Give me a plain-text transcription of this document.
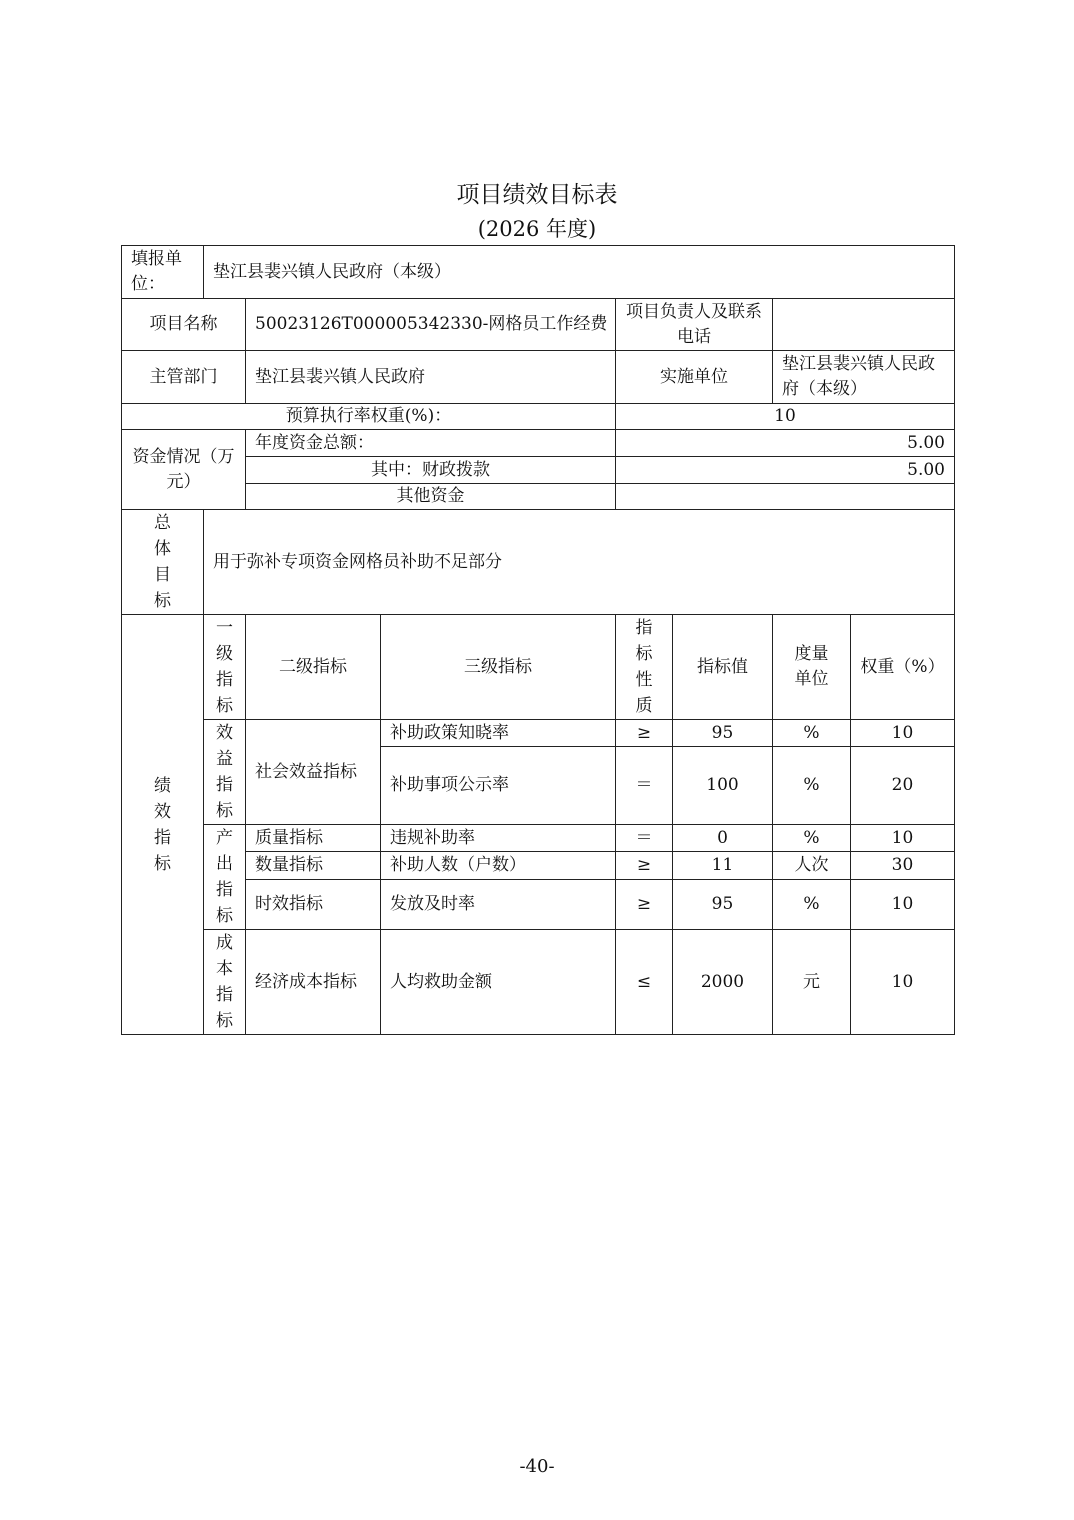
项目绩效目标表
(2026 年度)
填报单位：	垫江县裴兴镇人民政府（本级）						
项目名称		50023126T000005342330-网格员工作经费		项目负责人及联系电话			
主管部门		垫江县裴兴镇人民政府		实施单位		垫江县裴兴镇人民政府（本级）	
预算执行率权重(%)：				10			
资金情况（万元）		年度资金总额：		5.00			
		其中：财政拨款		5.00			
		其他资金					

总体目标	用于弥补专项资金网格员补助不足部分						

绩效指标	一级指标	二级指标	三级指标	指标性质	指标值	度量单位	权重（%）

	效益指标	社会效益指标	补助政策知晓率	≥	95	%	10
			补助事项公示率	＝	100	%	20

	产出指标	质量指标	违规补助率	＝	0	%	10
		数量指标	补助人数（户数）	≥	11	人次	30
		时效指标	发放及时率	≥	95	%	10

	成本指标	经济成本指标	人均救助金额	≤	2000	元	10
-40-
